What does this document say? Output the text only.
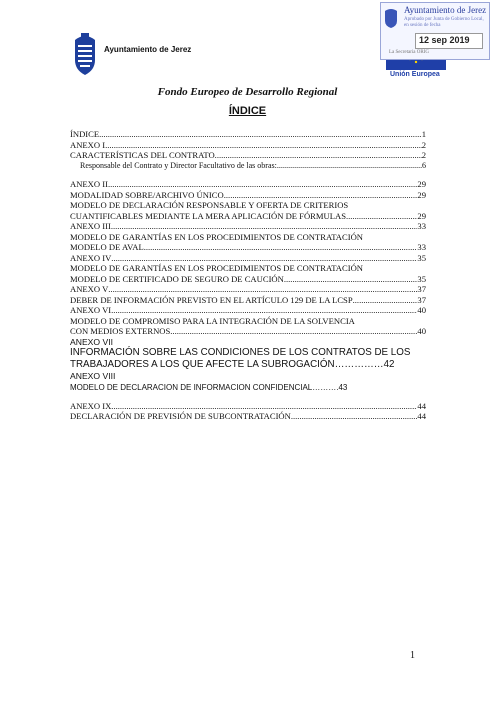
Ayuntamiento de Jerez
Ayuntamiento de Jerez
Aprobado por Junta de Gobierno Local, en sesión de fecha
12 sep 2019
La Secretaria ORIG
Unión Europea
Fondo Europeo de Desarrollo Regional
ÍNDICE
ÍNDICE .....	1
ANEXO I .....	2
CARACTERÍSTICAS DEL CONTRATO .....	2
Responsable del Contrato y Director Facultativo de las obras: .....	6
ANEXO II .....	29
MODALIDAD SOBRE/ARCHIVO ÚNICO .....	29
MODELO DE DECLARACIÓN RESPONSABLE Y OFERTA DE CRITERIOS
CUANTIFICABLES MEDIANTE LA MERA APLICACIÓN DE FÓRMULAS .....	29
ANEXO III .....	33
MODELO DE GARANTÍAS EN LOS PROCEDIMIENTOS DE CONTRATACIÓN
MODELO DE AVAL .....	33
ANEXO IV .....	35
MODELO DE GARANTÍAS EN LOS PROCEDIMIENTOS DE CONTRATACIÓN
MODELO DE CERTIFICADO DE SEGURO DE CAUCIÓN. .....	35
ANEXO V .....	37
DEBER DE INFORMACIÓN PREVISTO EN EL ARTÍCULO 129 DE LA LCSP .....	37
ANEXO VI .....	40
MODELO DE COMPROMISO PARA LA INTEGRACIÓN DE LA SOLVENCIA
CON MEDIOS EXTERNOS .....	40
ANEXO VII
INFORMACIÓN SOBRE LAS CONDICIONES DE LOS CONTRATOS DE LOS
TRABAJADORES A LOS QUE AFECTE LA SUBROGACIÓN……………42
ANEXO VIII
MODELO DE DECLARACION DE INFORMACION CONFIDENCIAL……….43
ANEXO IX .....	44
DECLARACIÓN DE PREVISIÓN DE SUBCONTRATACIÓN .....	44
1
